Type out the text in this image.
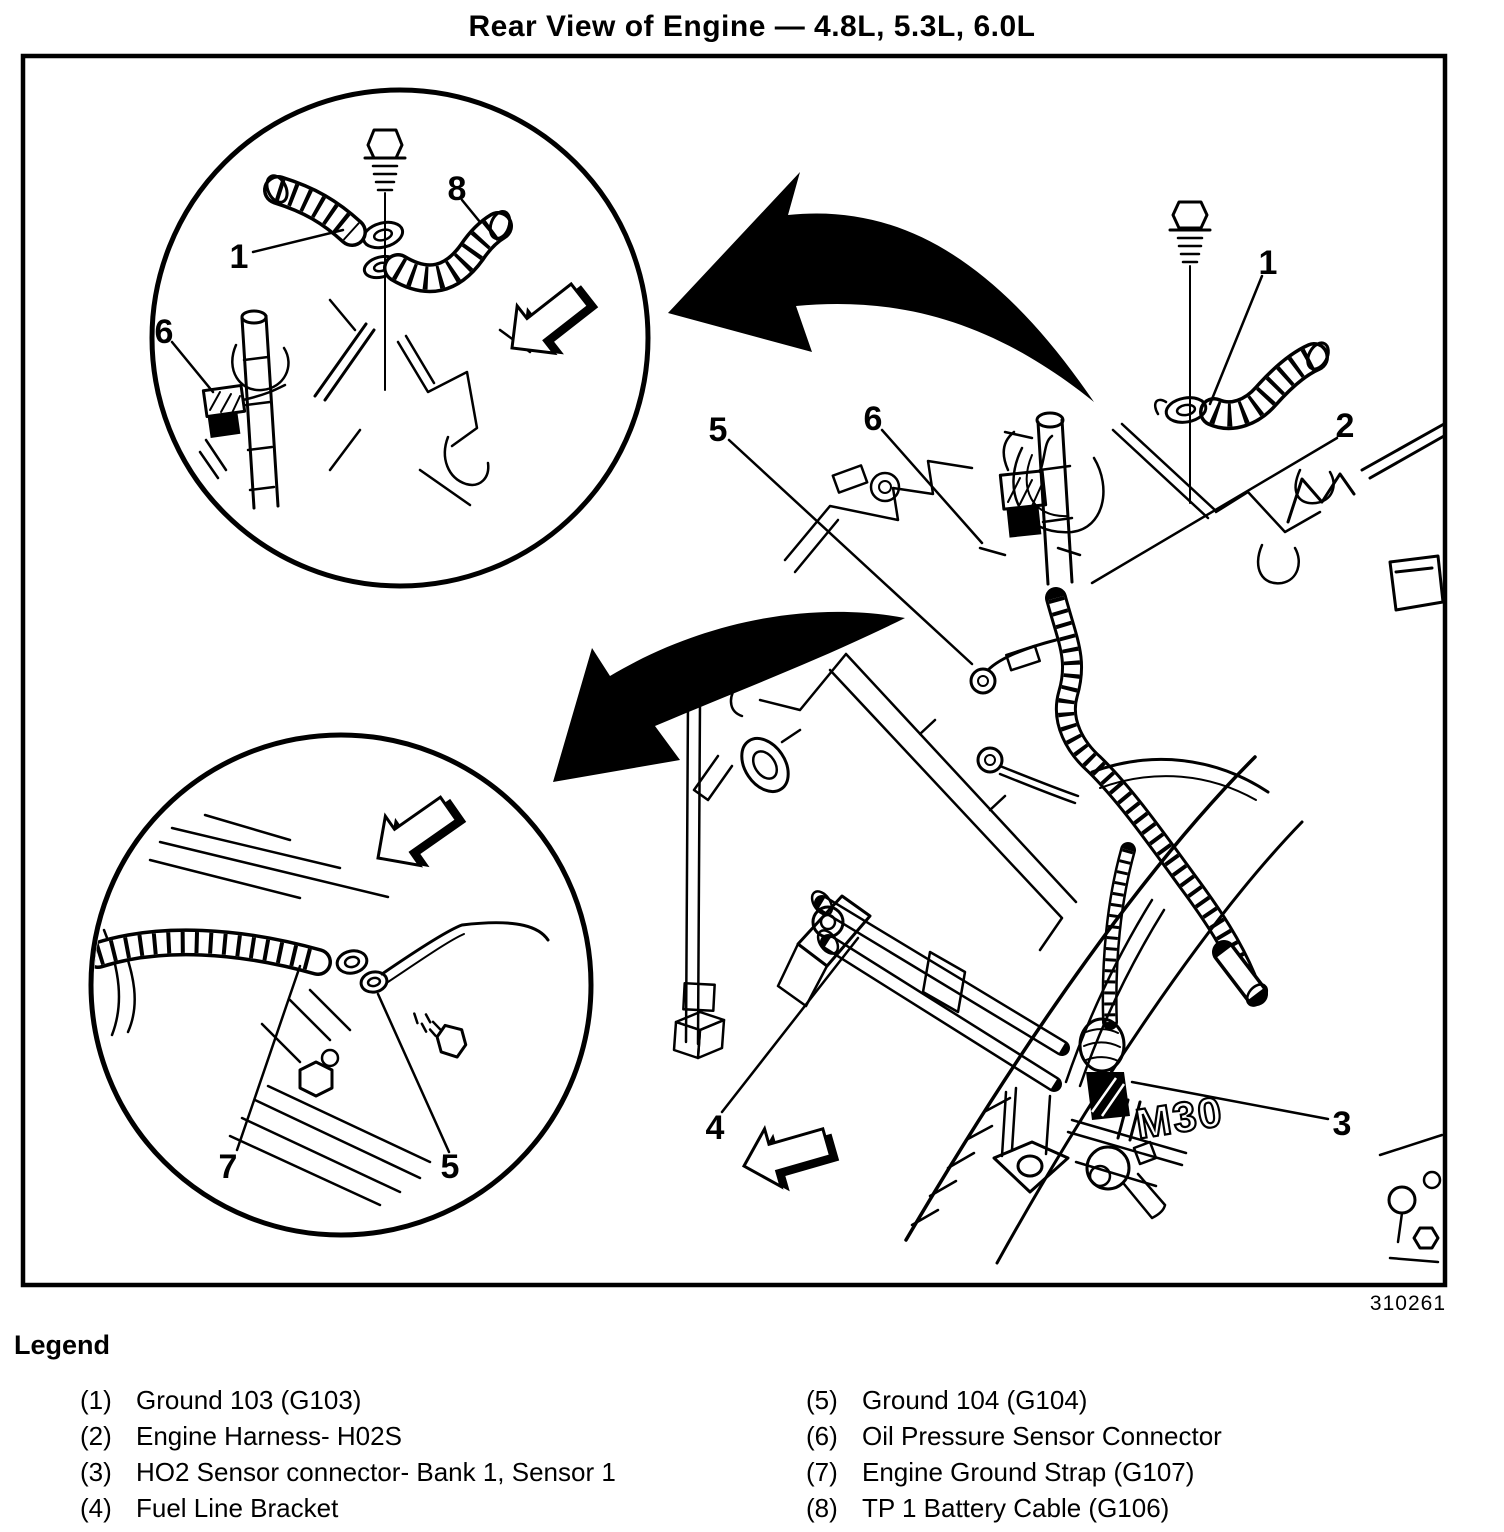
Rear View of Engine — 4.8L, 5.3L, 6.0L
M30
1
2
5	6
4	3
1
8
6
7	5
310261
Legend
(1) Ground 103 (G103)
(2) Engine Harness- H02S
(3) HO2 Sensor connector- Bank 1, Sensor 1
(4) Fuel Line Bracket
(5) Ground 104 (G104)
(6) Oil Pressure Sensor Connector
(7) Engine Ground Strap (G107)
(8) TP 1 Battery Cable (G106)
